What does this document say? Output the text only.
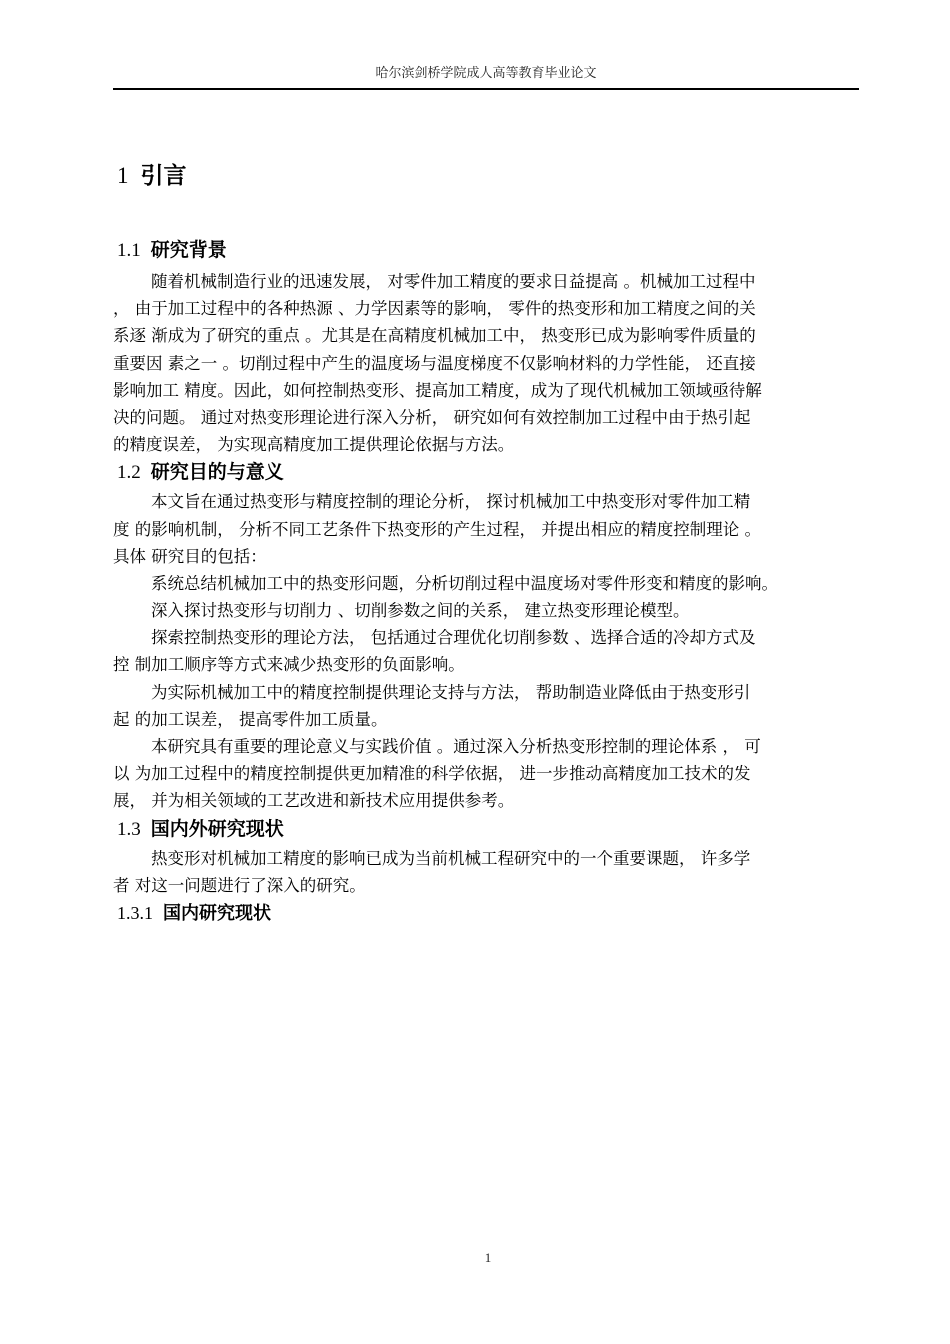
哈尔滨剑桥学院成人高等教育毕业论文
1 引言
1.1 研究背景
随着机械制造行业的迅速发展， 对零件加工精度的要求日益提高 。机械加工过程中
， 由于加工过程中的各种热源 、力学因素等的影响， 零件的热变形和加工精度之间的关
系逐 渐成为了研究的重点 。尤其是在高精度机械加工中， 热变形已成为影响零件质量的
重要因 素之一 。切削过程中产生的温度场与温度梯度不仅影响材料的力学性能， 还直接
影响加工 精度。因此，如何控制热变形、提高加工精度，成为了现代机械加工领域亟待解
决的问题。 通过对热变形理论进行深入分析， 研究如何有效控制加工过程中由于热引起
的精度误差， 为实现高精度加工提供理论依据与方法。
1.2 研究目的与意义
本文旨在通过热变形与精度控制的理论分析， 探讨机械加工中热变形对零件加工精
度 的影响机制， 分析不同工艺条件下热变形的产生过程， 并提出相应的精度控制理论 。
具体 研究目的包括：
系统总结机械加工中的热变形问题，分析切削过程中温度场对零件形变和精度的影响。
深入探讨热变形与切削力 、切削参数之间的关系， 建立热变形理论模型。
探索控制热变形的理论方法， 包括通过合理优化切削参数 、选择合适的冷却方式及
控 制加工顺序等方式来减少热变形的负面影响。
为实际机械加工中的精度控制提供理论支持与方法， 帮助制造业降低由于热变形引
起 的加工误差， 提高零件加工质量。
本研究具有重要的理论意义与实践价值 。通过深入分析热变形控制的理论体系 ， 可
以 为加工过程中的精度控制提供更加精准的科学依据， 进一步推动高精度加工技术的发
展， 并为相关领域的工艺改进和新技术应用提供参考。
1.3 国内外研究现状
热变形对机械加工精度的影响已成为当前机械工程研究中的一个重要课题， 许多学
者 对这一问题进行了深入的研究。
1.3.1 国内研究现状
1
